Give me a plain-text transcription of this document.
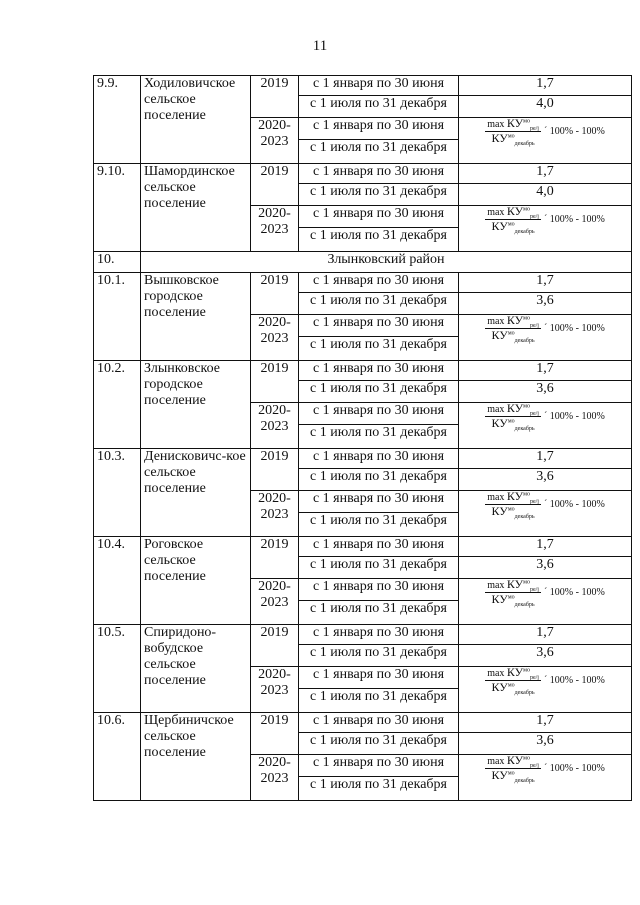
11
9.9.	Ходиловичское сельское поселение	2019	с 1 января по 30 июня	1,7
			с 1 июля по 31 декабря	4,0
		2020-2023	с 1 января по 30 июня	$\frac{\max КУ^{мо}_{pe/j}}{КУ^{мо}_{декабрь}}$ ´ 100% - 100%

			с 1 июля по 31 декабря	
9.10.	Шамординское сельское поселение	2019	с 1 января по 30 июня	1,7
			с 1 июля по 31 декабря	4,0
		2020-2023	с 1 января по 30 июня	$\frac{\max КУ^{мо}_{pe/j}}{КУ^{мо}_{декабрь}}$ ´ 100% - 100%

			с 1 июля по 31 декабря	
10.	Злынковский район			
10.1.	Вышковское городское поселение	2019	с 1 января по 30 июня	1,7
			с 1 июля по 31 декабря	3,6
		2020-2023	с 1 января по 30 июня	$\frac{\max КУ^{мо}_{pe/j}}{КУ^{мо}_{декабрь}}$ ´ 100% - 100%

			с 1 июля по 31 декабря	
10.2.	Злынковское городское поселение	2019	с 1 января по 30 июня	1,7
			с 1 июля по 31 декабря	3,6
		2020-2023	с 1 января по 30 июня	$\frac{\max КУ^{мо}_{pe/j}}{КУ^{мо}_{декабрь}}$ ´ 100% - 100%

			с 1 июля по 31 декабря	
10.3.	Денисковичс-кое сельское поселение	2019	с 1 января по 30 июня	1,7
			с 1 июля по 31 декабря	3,6
		2020-2023	с 1 января по 30 июня	$\frac{\max КУ^{мо}_{pe/j}}{КУ^{мо}_{декабрь}}$ ´ 100% - 100%

			с 1 июля по 31 декабря	
10.4.	Роговское сельское поселение	2019	с 1 января по 30 июня	1,7
			с 1 июля по 31 декабря	3,6
		2020-2023	с 1 января по 30 июня	$\frac{\max КУ^{мо}_{pe/j}}{КУ^{мо}_{декабрь}}$ ´ 100% - 100%

			с 1 июля по 31 декабря	
10.5.	Спиридоно-вобудское сельское поселение	2019	с 1 января по 30 июня	1,7
			с 1 июля по 31 декабря	3,6
		2020-2023	с 1 января по 30 июня	$\frac{\max КУ^{мо}_{pe/j}}{КУ^{мо}_{декабрь}}$ ´ 100% - 100%

			с 1 июля по 31 декабря	
10.6.	Щербиничское сельское поселение	2019	с 1 января по 30 июня	1,7
			с 1 июля по 31 декабря	3,6
		2020-2023	с 1 января по 30 июня	$\frac{\max КУ^{мо}_{pe/j}}{КУ^{мо}_{декабрь}}$ ´ 100% - 100%

			с 1 июля по 31 декабря	
